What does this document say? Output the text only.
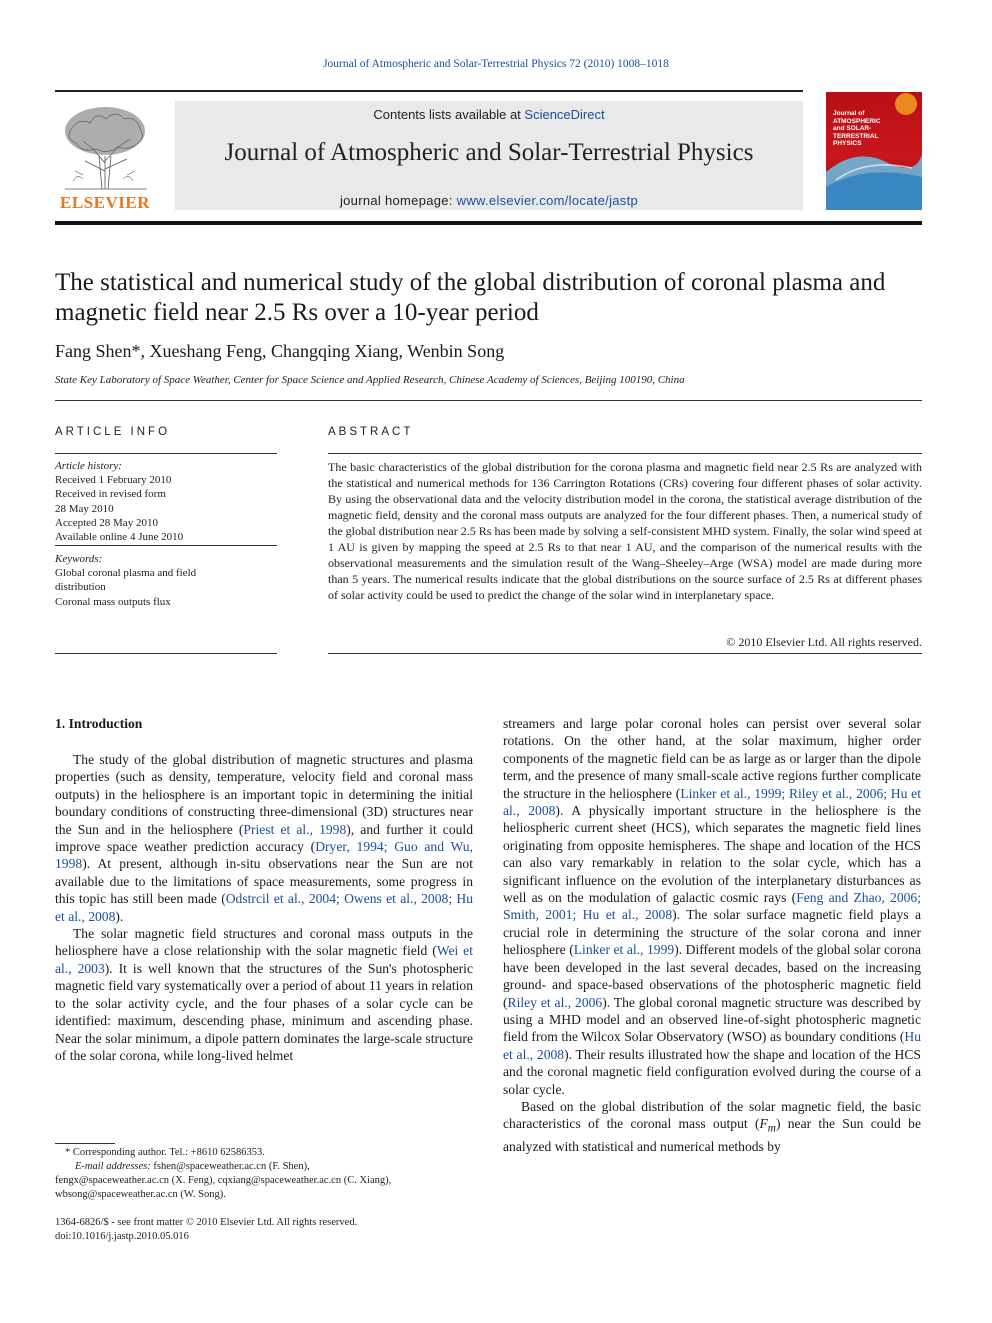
Journal of Atmospheric and Solar-Terrestrial Physics 72 (2010) 1008–1018
ELSEVIER
Contents lists available at ScienceDirect
Journal of Atmospheric and Solar-Terrestrial Physics
journal homepage: www.elsevier.com/locate/jastp
Journal of ATMOSPHERIC and SOLAR-TERRESTRIAL PHYSICS
The statistical and numerical study of the global distribution of coronal plasma and magnetic field near 2.5 Rs over a 10-year period
Fang Shen*, Xueshang Feng, Changqing Xiang, Wenbin Song
State Key Laboratory of Space Weather, Center for Space Science and Applied Research, Chinese Academy of Sciences, Beijing 100190, China
ARTICLE INFO
Article history:
Received 1 February 2010
Received in revised form
28 May 2010
Accepted 28 May 2010
Available online 4 June 2010
Keywords:
Global coronal plasma and field
distribution
Coronal mass outputs flux
ABSTRACT
The basic characteristics of the global distribution for the corona plasma and magnetic field near 2.5 Rs are analyzed with the statistical and numerical methods for 136 Carrington Rotations (CRs) covering four different phases of solar activity. By using the observational data and the velocity distribution model in the corona, the statistical average distribution of the magnetic field, density and the coronal mass outputs are analyzed for the four different phases. Then, a numerical study of the global distribution near 2.5 Rs has been made by solving a self-consistent MHD system. Finally, the solar wind speed at 1 AU is given by mapping the speed at 2.5 Rs to that near 1 AU, and the comparison of the numerical results with the observational measurements and the simulation result of the Wang–Sheeley–Arge (WSA) model are made during more than 5 years. The numerical results indicate that the global distributions on the source surface of 2.5 Rs at different phases of solar activity could be used to predict the change of the solar wind in interplanetary space.
© 2010 Elsevier Ltd. All rights reserved.
1. Introduction

The study of the global distribution of magnetic structures and plasma properties (such as density, temperature, velocity field and coronal mass outputs) in the heliosphere is an important topic in determining the initial boundary conditions of constructing three-dimensional (3D) structures near the Sun and in the heliosphere (Priest et al., 1998), and further it could improve space weather prediction accuracy (Dryer, 1994; Guo and Wu, 1998). At present, although in-situ observations near the Sun are not available due to the limitations of space measurements, some progress in this topic has still been made (Odstrcil et al., 2004; Owens et al., 2008; Hu et al., 2008).

The solar magnetic field structures and coronal mass outputs in the heliosphere have a close relationship with the solar magnetic field (Wei et al., 2003). It is well known that the structures of the Sun's photospheric magnetic field vary systematically over a period of about 11 years in relation to the solar activity cycle, and the four phases of a solar cycle can be identified: maximum, descending phase, minimum and ascending phase. Near the solar minimum, a dipole pattern dominates the large-scale structure of the solar corona, while long-lived helmet

streamers and large polar coronal holes can persist over several solar rotations. On the other hand, at the solar maximum, higher order components of the magnetic field can be as large as or larger than the dipole term, and the presence of many small-scale active regions further complicate the structure in the heliosphere (Linker et al., 1999; Riley et al., 2006; Hu et al., 2008). A physically important structure in the heliosphere is the heliospheric current sheet (HCS), which separates the magnetic field lines originating from opposite hemispheres. The shape and location of the HCS can also vary remarkably in relation to the solar cycle, which has a significant influence on the evolution of the interplanetary disturbances as well as on the modulation of galactic cosmic rays (Feng and Zhao, 2006; Smith, 2001; Hu et al., 2008). The solar surface magnetic field plays a crucial role in determining the structure of the solar corona and inner heliosphere (Linker et al., 1999). Different models of the global solar corona have been developed in the last several decades, based on the increasing ground- and space-based observations of the photospheric magnetic field (Riley et al., 2006). The global coronal magnetic structure was described by using a MHD model and an observed line-of-sight photospheric magnetic field from the Wilcox Solar Observatory (WSO) as boundary conditions (Hu et al., 2008). Their results illustrated how the shape and location of the HCS and the coronal magnetic field configuration evolved during the course of a solar cycle.

Based on the global distribution of the solar magnetic field, the basic characteristics of the coronal mass output $(F_m)$ near the Sun could be analyzed with statistical and numerical methods by

* Corresponding author. Tel.: +8610 62586353.
E-mail addresses: fshen@spaceweather.ac.cn (F. Shen),
fengx@spaceweather.ac.cn (X. Feng), cqxiang@spaceweather.ac.cn (C. Xiang),
wbsong@spaceweather.ac.cn (W. Song).
1364-6826/$ - see front matter © 2010 Elsevier Ltd. All rights reserved.
doi:10.1016/j.jastp.2010.05.016
